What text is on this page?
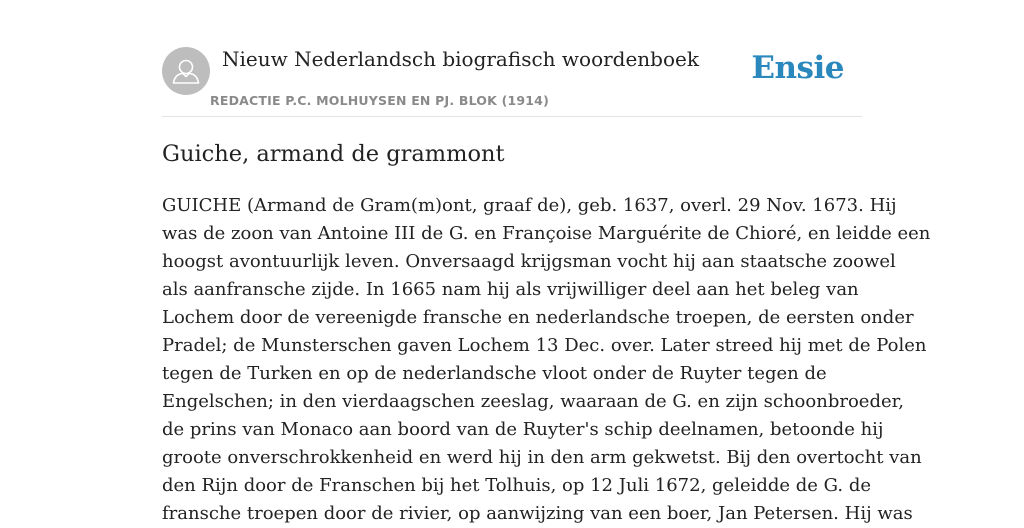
Nieuw Nederlandsch biografisch woordenboek
REDACTIE P.C. MOLHUYSEN EN PJ. BLOK (1914)
Ensie
Guiche, armand de grammont
GUICHE (Armand de Gram(m)ont, graaf de), geb. 1637, overl. 29 Nov. 1673. Hij
was de zoon van Antoine III de G. en Françoise Marguérite de Chioré, en leidde een
hoogst avontuurlijk leven. Onversaagd krijgsman vocht hij aan staatsche zoowel
als aanfransche zijde. In 1665 nam hij als vrijwilliger deel aan het beleg van
Lochem door de vereenigde fransche en nederlandsche troepen, de eersten onder
Pradel; de Munsterschen gaven Lochem 13 Dec. over. Later streed hij met de Polen
tegen de Turken en op de nederlandsche vloot onder de Ruyter tegen de
Engelschen; in den vierdaagschen zeeslag, waaraan de G. en zijn schoonbroeder,
de prins van Monaco aan boord van de Ruyter's schip deelnamen, betoonde hij
groote onverschrokkenheid en werd hij in den arm gekwetst. Bij den overtocht van
den Rijn door de Franschen bij het Tolhuis, op 12 Juli 1672, geleidde de G. de
fransche troepen door de rivier, op aanwijzing van een boer, Jan Petersen. Hij was
